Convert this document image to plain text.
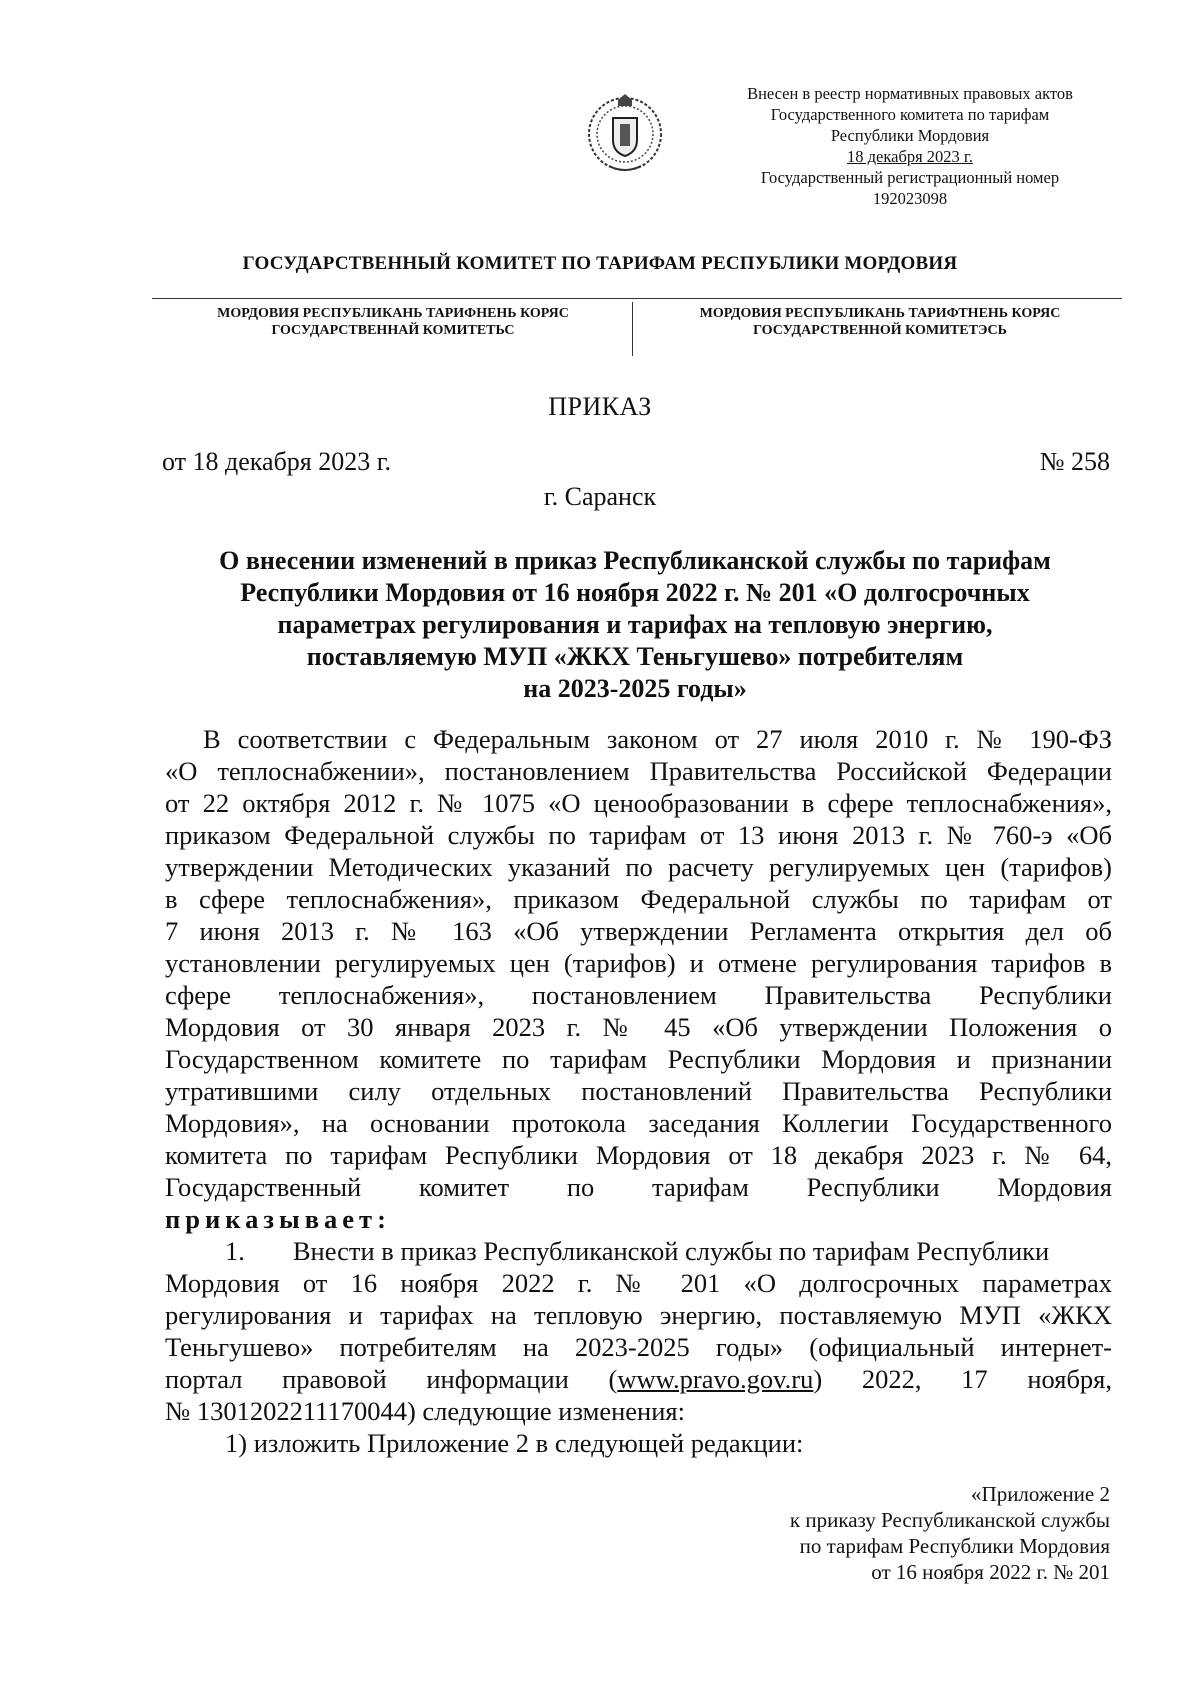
Внесен в реестр нормативных правовых актов
Государственного комитета по тарифам
Республики Мордовия
18 декабря 2023 г.
Государственный регистрационный номер
192023098
ГОСУДАРСТВЕННЫЙ КОМИТЕТ ПО ТАРИФАМ РЕСПУБЛИКИ МОРДОВИЯ
МОРДОВИЯ РЕСПУБЛИКАНЬ ТАРИФНЕНЬ КОРЯС
ГОСУДАРСТВЕННАЙ КОМИТЕТЬС
МОРДОВИЯ РЕСПУБЛИКАНЬ ТАРИФТНЕНЬ КОРЯС
ГОСУДАРСТВЕННОЙ КОМИТЕТЭСЬ
ПРИКАЗ
от 18 декабря 2023 г.	№ 258
г. Саранск
О внесении изменений в приказ Республиканской службы по тарифам
Республики Мордовия от 16 ноября 2022 г. № 201 «О долгосрочных
параметрах регулирования и тарифах на тепловую энергию,
поставляемую МУП «ЖКХ Теньгушево» потребителям
на 2023-2025 годы»
В соответствии с Федеральным законом от 27 июля 2010 г. № 190-ФЗ
«О теплоснабжении», постановлением Правительства Российской Федерации
от 22 октября 2012 г. № 1075 «О ценообразовании в сфере теплоснабжения»,
приказом Федеральной службы по тарифам от 13 июня 2013 г. № 760-э «Об
утверждении Методических указаний по расчету регулируемых цен (тарифов)
в сфере теплоснабжения», приказом Федеральной службы по тарифам от
7 июня 2013 г. № 163 «Об утверждении Регламента открытия дел об
установлении регулируемых цен (тарифов) и отмене регулирования тарифов в
сфере теплоснабжения», постановлением Правительства Республики
Мордовия от 30 января 2023 г. № 45 «Об утверждении Положения о
Государственном комитете по тарифам Республики Мордовия и признании
утратившими силу отдельных постановлений Правительства Республики
Мордовия», на основании протокола заседания Коллегии Государственного
комитета по тарифам Республики Мордовия от 18 декабря 2023 г. № 64,
Государственный комитет по тарифам Республики Мордовия
приказывает:
1. Внести в приказ Республиканской службы по тарифам Республики
Мордовия от 16 ноября 2022 г. № 201 «О долгосрочных параметрах
регулирования и тарифах на тепловую энергию, поставляемую МУП «ЖКХ
Теньгушево» потребителям на 2023-2025 годы» (официальный интернет-
портал правовой информации (www.pravo.gov.ru) 2022, 17 ноября,
№ 1301202211170044) следующие изменения:
1) изложить Приложение 2 в следующей редакции:
«Приложение 2
к приказу Республиканской службы
по тарифам Республики Мордовия
от 16 ноября 2022 г. № 201
